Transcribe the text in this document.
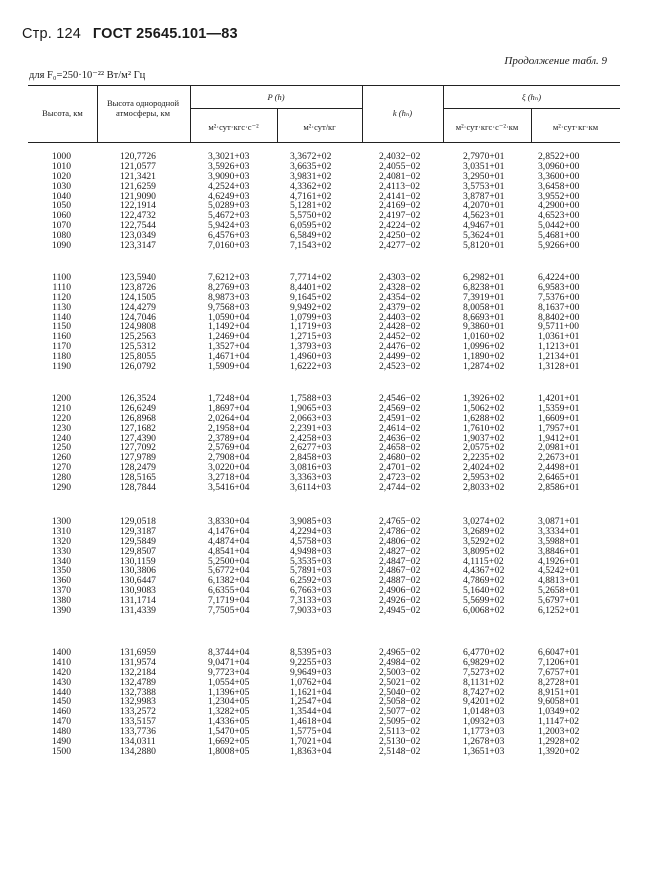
Стр. 124 ГОСТ 25645.101—83
Продолжение табл. 9
для F₀=250·10⁻²² Вт/м² Гц
Высота, км
Высота однородной атмосферы, км
P (h)
м²·сут·кгс·с⁻²	м²·сут/кг
k (hₙ)
ξ (hₙ)
м²·сут·кгс·с⁻²·км	м²·сут·кг·км
1000	120,7726	3,3021+03	3,3672+02	2,4032−02	2,7970+01	2,8522+00
1010	121,0577	3,5926+03	3,6635+02	2,4055−02	3,0351+01	3,0960+00
1020	121,3421	3,9090+03	3,9831+02	2,4081−02	3,2950+01	3,3600+00
1030	121,6259	4,2524+03	4,3362+02	2,4113−02	3,5753+01	3,6458+00
1040	121,9090	4,6249+03	4,7161+02	2,4141−02	3,8787+01	3,9552+00
1050	122,1914	5,0289+03	5,1281+02	2,4169−02	4,2070+01	4,2900+00
1060	122,4732	5,4672+03	5,5750+02	2,4197−02	4,5623+01	4,6523+00
1070	122,7544	5,9424+03	6,0595+02	2,4224−02	4,9467+01	5,0442+00
1080	123,0349	6,4576+03	6,5849+02	2,4250−02	5,3624+01	5,4681+00
1090	123,3147	7,0160+03	7,1543+02	2,4277−02	5,8120+01	5,9266+00
1100	123,5940	7,6212+03	7,7714+02	2,4303−02	6,2982+01	6,4224+00
1110	123,8726	8,2769+03	8,4401+02	2,4328−02	6,8238+01	6,9583+00
1120	124,1505	8,9873+03	9,1645+02	2,4354−02	7,3919+01	7,5376+00
1130	124,4279	9,7568+03	9,9492+02	2,4379−02	8,0058+01	8,1637+00
1140	124,7046	1,0590+04	1,0799+03	2,4403−02	8,6693+01	8,8402+00
1150	124,9808	1,1492+04	1,1719+03	2,4428−02	9,3860+01	9,5711+00
1160	125,2563	1,2469+04	1,2715+03	2,4452−02	1,0160+02	1,0361+01
1170	125,5312	1,3527+04	1,3793+03	2,4476−02	1,0996+02	1,1213+01
1180	125,8055	1,4671+04	1,4960+03	2,4499−02	1,1890+02	1,2134+01
1190	126,0792	1,5909+04	1,6222+03	2,4523−02	1,2874+02	1,3128+01
1200	126,3524	1,7248+04	1,7588+03	2,4546−02	1,3926+02	1,4201+01
1210	126,6249	1,8697+04	1,9065+03	2,4569−02	1,5062+02	1,5359+01
1220	126,8968	2,0264+04	2,0663+03	2,4591−02	1,6288+02	1,6609+01
1230	127,1682	2,1958+04	2,2391+03	2,4614−02	1,7610+02	1,7957+01
1240	127,4390	2,3789+04	2,4258+03	2,4636−02	1,9037+02	1,9412+01
1250	127,7092	2,5769+04	2,6277+03	2,4658−02	2,0575+02	2,0981+01
1260	127,9789	2,7908+04	2,8458+03	2,4680−02	2,2235+02	2,2673+01
1270	128,2479	3,0220+04	3,0816+03	2,4701−02	2,4024+02	2,4498+01
1280	128,5165	3,2718+04	3,3363+03	2,4723−02	2,5953+02	2,6465+01
1290	128,7844	3,5416+04	3,6114+03	2,4744−02	2,8033+02	2,8586+01
1300	129,0518	3,8330+04	3,9085+03	2,4765−02	3,0274+02	3,0871+01
1310	129,3187	4,1476+04	4,2294+03	2,4786−02	3,2689+02	3,3334+01
1320	129,5849	4,4874+04	4,5758+03	2,4806−02	3,5292+02	3,5988+01
1330	129,8507	4,8541+04	4,9498+03	2,4827−02	3,8095+02	3,8846+01
1340	130,1159	5,2500+04	5,3535+03	2,4847−02	4,1115+02	4,1926+01
1350	130,3806	5,6772+04	5,7891+03	2,4867−02	4,4367+02	4,5242+01
1360	130,6447	6,1382+04	6,2592+03	2,4887−02	4,7869+02	4,8813+01
1370	130,9083	6,6355+04	6,7663+03	2,4906−02	5,1640+02	5,2658+01
1380	131,1714	7,1719+04	7,3133+03	2,4926−02	5,5699+02	5,6797+01
1390	131,4339	7,7505+04	7,9033+03	2,4945−02	6,0068+02	6,1252+01
1400	131,6959	8,3744+04	8,5395+03	2,4965−02	6,4770+02	6,6047+01
1410	131,9574	9,0471+04	9,2255+03	2,4984−02	6,9829+02	7,1206+01
1420	132,2184	9,7723+04	9,9649+03	2,5003−02	7,5273+02	7,6757+01
1430	132,4789	1,0554+05	1,0762+04	2,5021−02	8,1131+02	8,2728+01
1440	132,7388	1,1396+05	1,1621+04	2,5040−02	8,7427+02	8,9151+01
1450	132,9983	1,2304+05	1,2547+04	2,5058−02	9,4201+02	9,6058+01
1460	133,2572	1,3282+05	1,3544+04	2,5077−02	1,0148+03	1,0349+02
1470	133,5157	1,4336+05	1,4618+04	2,5095−02	1,0932+03	1,1147+02
1480	133,7736	1,5470+05	1,5775+04	2,5113−02	1,1773+03	1,2003+02
1490	134,0311	1,6692+05	1,7021+04	2,5130−02	1,2678+03	1,2928+02
1500	134,2880	1,8008+05	1,8363+04	2,5148−02	1,3651+03	1,3920+02
